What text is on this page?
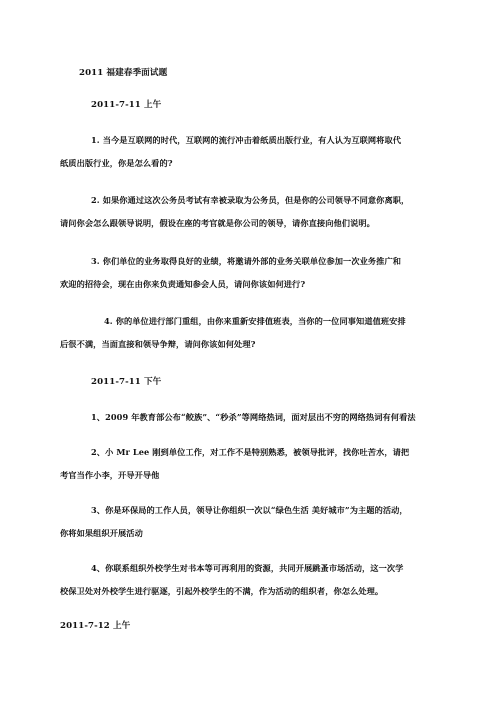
2011 福建春季面试题
2011-7-11 上午
1. 当今是互联网的时代，互联网的流行冲击着纸质出版行业，有人认为互联网将取代
纸质出版行业，你是怎么看的?
2. 如果你通过这次公务员考试有幸被录取为公务员，但是你的公司领导不同意你离职，
请问你会怎么跟领导说明，假设在座的考官就是你公司的领导，请你直接向他们说明。
3. 你们单位的业务取得良好的业绩，将邀请外部的业务关联单位参加一次业务推广和
欢迎的招待会，现在由你来负责通知参会人员，请问你该如何进行?
4. 你的单位进行部门重组，由你来重新安排值班表，当你的一位同事知道值班安排
后很不满，当面直接和领导争辩，请问你该如何处理?
2011-7-11 下午
1、2009 年教育部公布“鲛族”、“秒杀”等网络热词，面对层出不穷的网络热词有何看法
2、小 Mr Lee 刚到单位工作，对工作不是特别熟悉，被领导批评，找你吐苦水，请把
考官当作小李，开导开导他
3、你是环保局的工作人员，领导让你组织一次以“绿色生活 美好城市”为主题的活动，
你将如果组织开展活动
4、你联系组织外校学生对书本等可再利用的资源，共同开展跳蚤市场活动，这一次学
校保卫处对外校学生进行驱逐，引起外校学生的不满，作为活动的组织者，你怎么处理。
2011-7-12 上午
